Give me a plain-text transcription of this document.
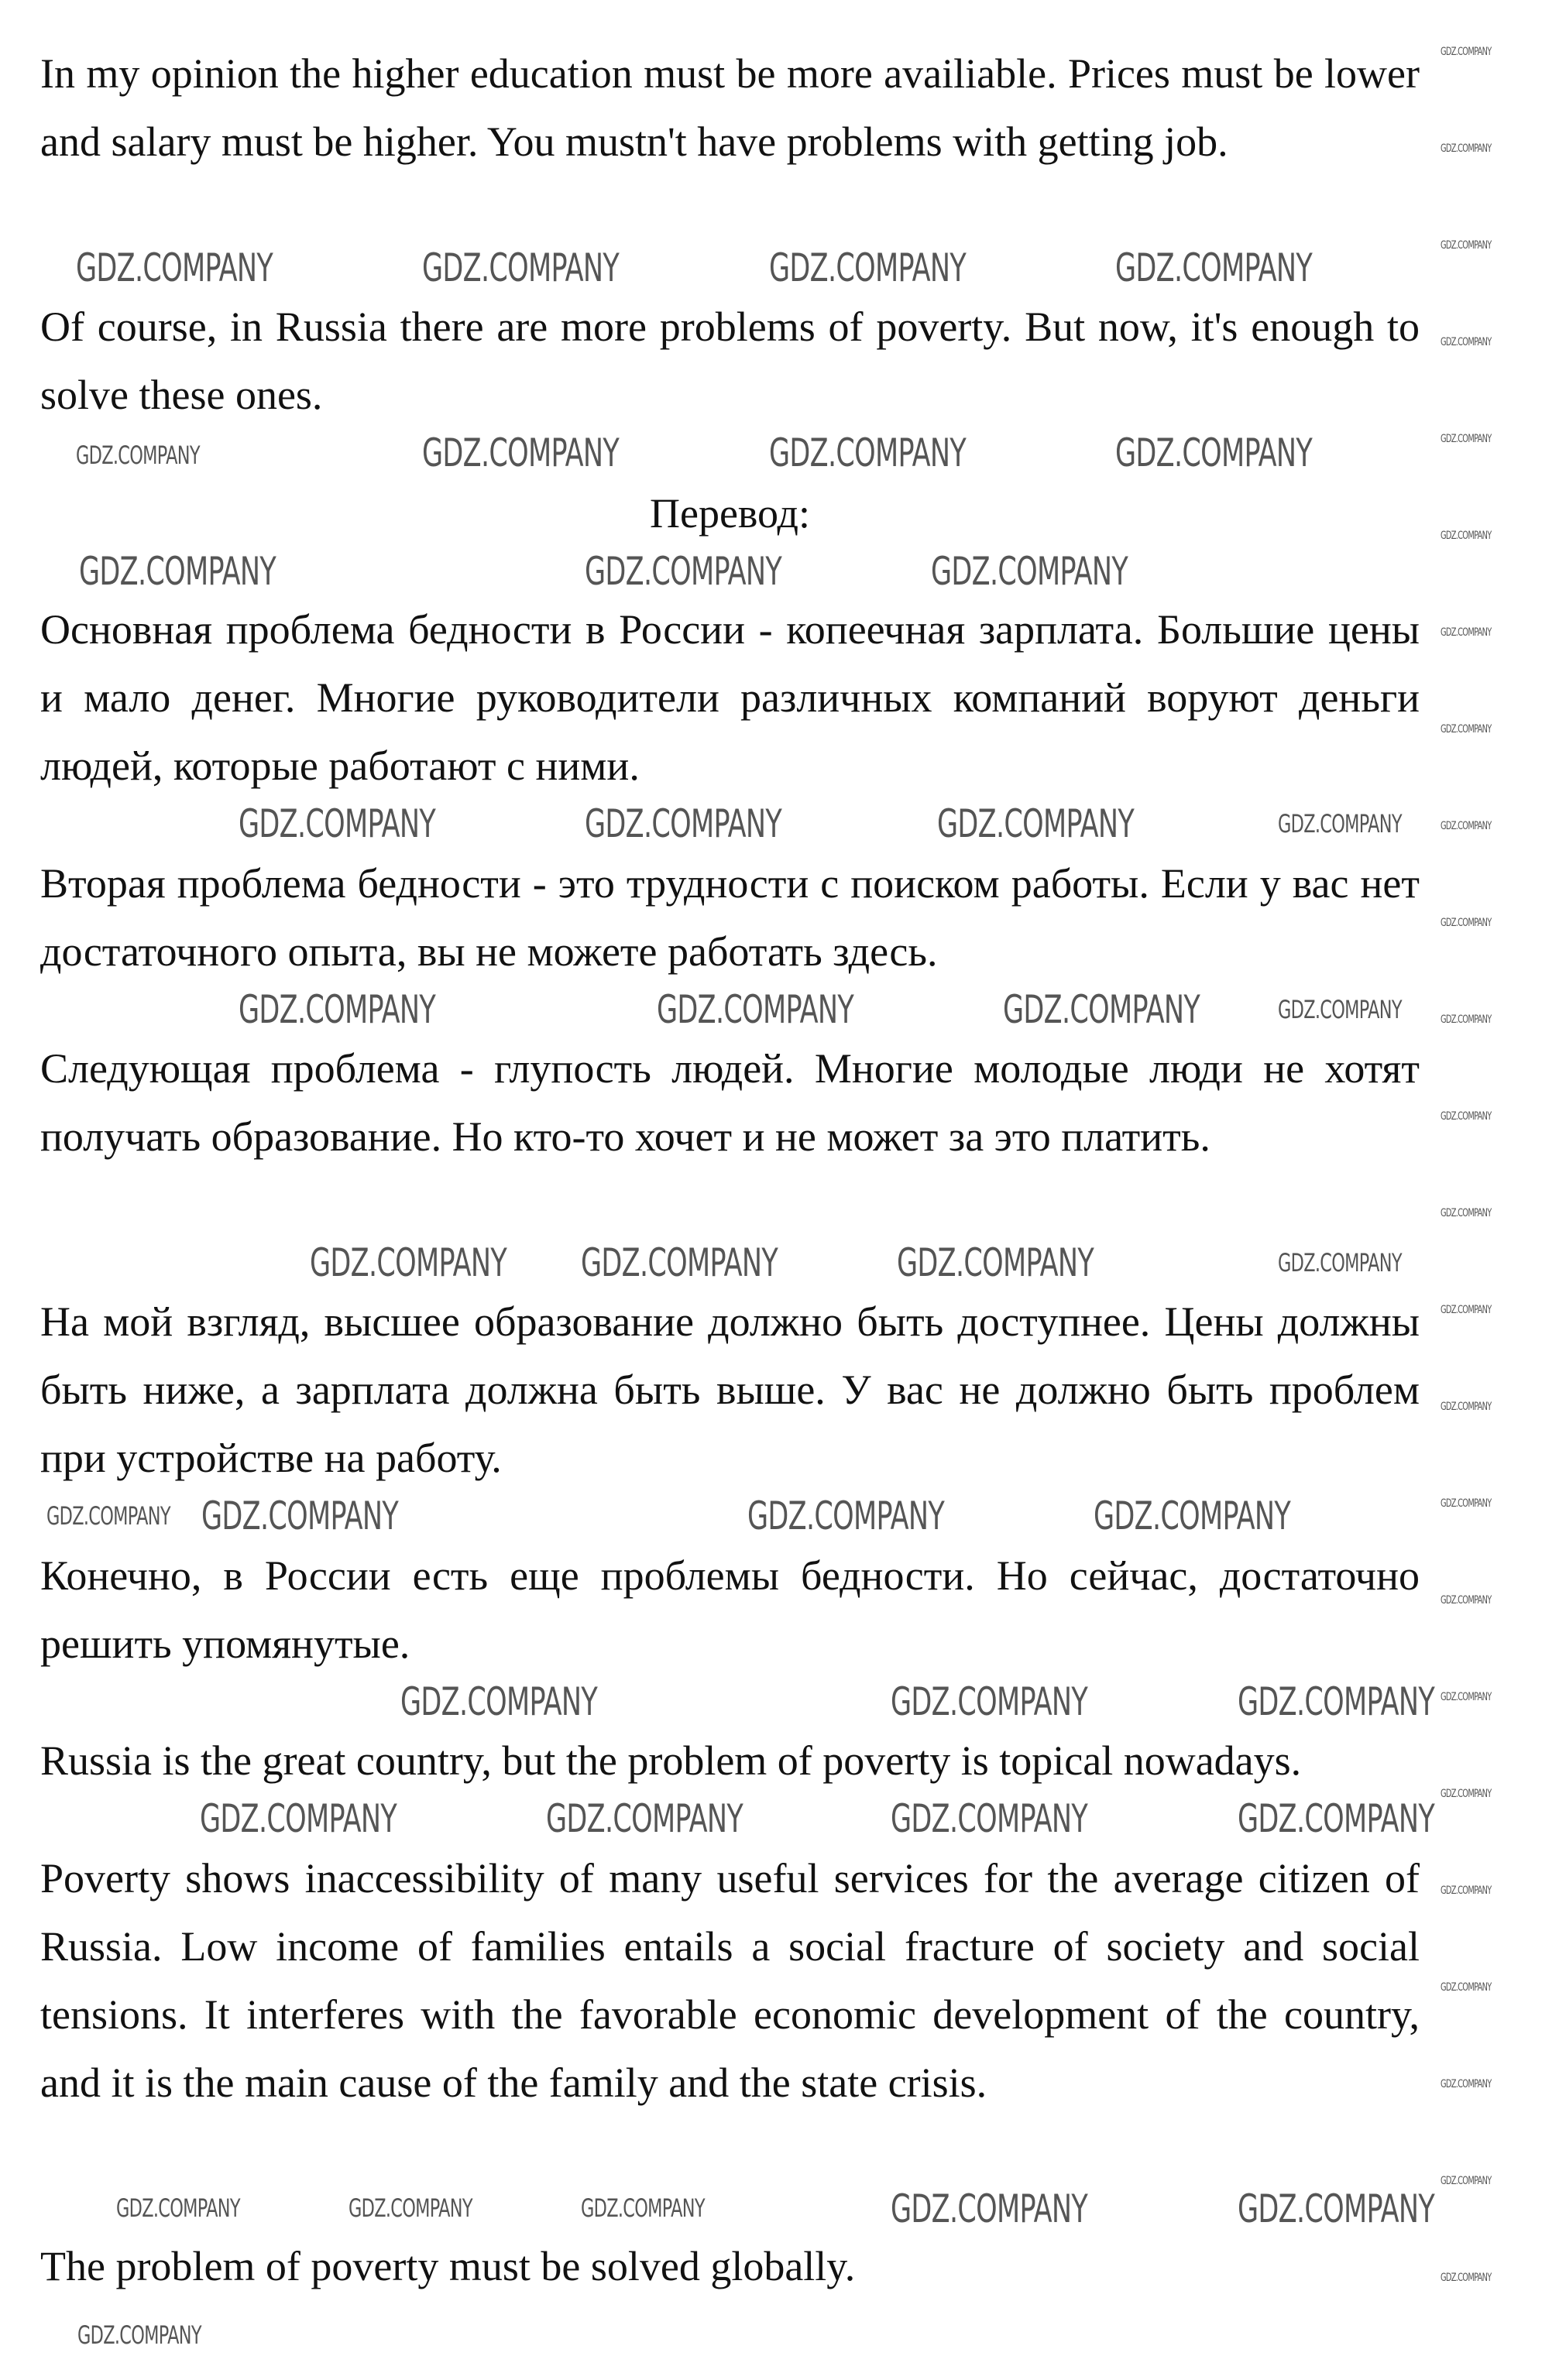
In my opinion the higher education must be more availiable. Prices must be lower and salary must be higher. You mustn't have problems with getting job.

Of course, in Russia there are more problems of poverty. But now, it's enough to solve these ones.

Перевод:

Основная проблема бедности в России - копеечная зарплата. Большие цены и мало денег. Многие руководители различных компаний воруют деньги людей, которые работают с ними.

Вторая проблема бедности - это трудности с поиском работы. Если у вас нет достаточного опыта, вы не можете работать здесь.

Следующая проблема - глупость людей. Многие молодые люди не хотят получать образование. Но кто-то хочет и не может за это платить.

На мой взгляд, высшее образование должно быть доступнее. Цены должны быть ниже, а зарплата должна быть выше. У вас не должно быть проблем при устройстве на работу.

Конечно, в России есть еще проблемы бедности. Но сейчас, достаточно решить упомянутые.

Russia is the great country, but the problem of poverty is topical nowadays.

Poverty shows inaccessibility of many useful services for the average citizen of Russia. Low income of families entails a social fracture of society and social tensions. It interferes with the favorable economic development of the country, and it is the main cause of the family and the state crisis.

The problem of poverty must be solved globally.

GDZ.COMPANY	GDZ.COMPANY	GDZ.COMPANY	GDZ.COMPANY
GDZ.COMPANY	GDZ.COMPANY	GDZ.COMPANY
GDZ.COMPANY	GDZ.COMPANY	GDZ.COMPANY
GDZ.COMPANY	GDZ.COMPANY	GDZ.COMPANY
GDZ.COMPANY	GDZ.COMPANY	GDZ.COMPANY
GDZ.COMPANY GDZ.COMPANY	GDZ.COMPANY
GDZ.COMPANY	GDZ.COMPANY	GDZ.COMPANY
GDZ.COMPANY	GDZ.COMPANY	GDZ.COMPANY
GDZ.COMPANY	GDZ.COMPANY	GDZ.COMPANY	GDZ.COMPANY
GDZ.COMPANY	GDZ.COMPANY
GDZ.COMPANY
GDZ.COMPANY
GDZ.COMPANY
GDZ.COMPANY
GDZ.COMPANY
GDZ.COMPANY	GDZ.COMPANY	GDZ.COMPANY
GDZ.COMPANY
GDZ.COMPANY
GDZ.COMPANY
GDZ.COMPANY
GDZ.COMPANY
GDZ.COMPANY
GDZ.COMPANY
GDZ.COMPANY
GDZ.COMPANY
GDZ.COMPANY
GDZ.COMPANY
GDZ.COMPANY
GDZ.COMPANY
GDZ.COMPANY
GDZ.COMPANY
GDZ.COMPANY
GDZ.COMPANY
GDZ.COMPANY
GDZ.COMPANY
GDZ.COMPANY
GDZ.COMPANY
GDZ.COMPANY
GDZ.COMPANY
GDZ.COMPANY
GDZ.COMPANY
